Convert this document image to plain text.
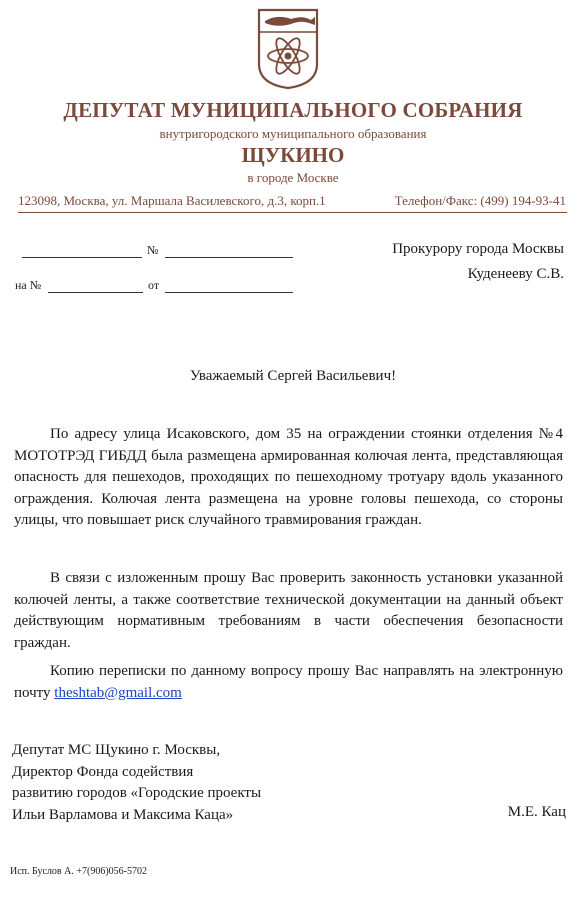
ДЕПУТАТ МУНИЦИПАЛЬНОГО СОБРАНИЯ
внутригородского муниципального образования
ЩУКИНО
в городе Москве
123098, Москва, ул. Маршала Василевского, д.3, корп.1	Телефон/Факс: (499) 194-93-41
№
на №	от
Прокурору города Москвы
Куденееву С.В.
Уважаемый Сергей Васильевич!

По адресу улица Исаковского, дом 35 на ограждении стоянки отделения №4 МОТОТРЭД ГИБДД была размещена армированная колючая лента, представляющая опасность для пешеходов, проходящих по пешеходному тротуару вдоль указанного ограждения. Колючая лента размещена на уровне головы пешехода, со стороны улицы, что повышает риск случайного травмирования граждан.

В связи с изложенным прошу Вас проверить законность установки указанной колючей ленты, а также соответствие технической документации на данный объект действующим нормативным требованиям в части обеспечения безопасности граждан.

Копию переписки по данному вопросу прошу Вас направлять на электронную почту theshtab@gmail.com

Депутат МС Щукино г. Москвы,
Директор Фонда содействия
развитию городов «Городские проекты
Ильи Варламова и Максима Каца»	М.Е. Кац
Исп. Буслов А. +7(906)056-5702
